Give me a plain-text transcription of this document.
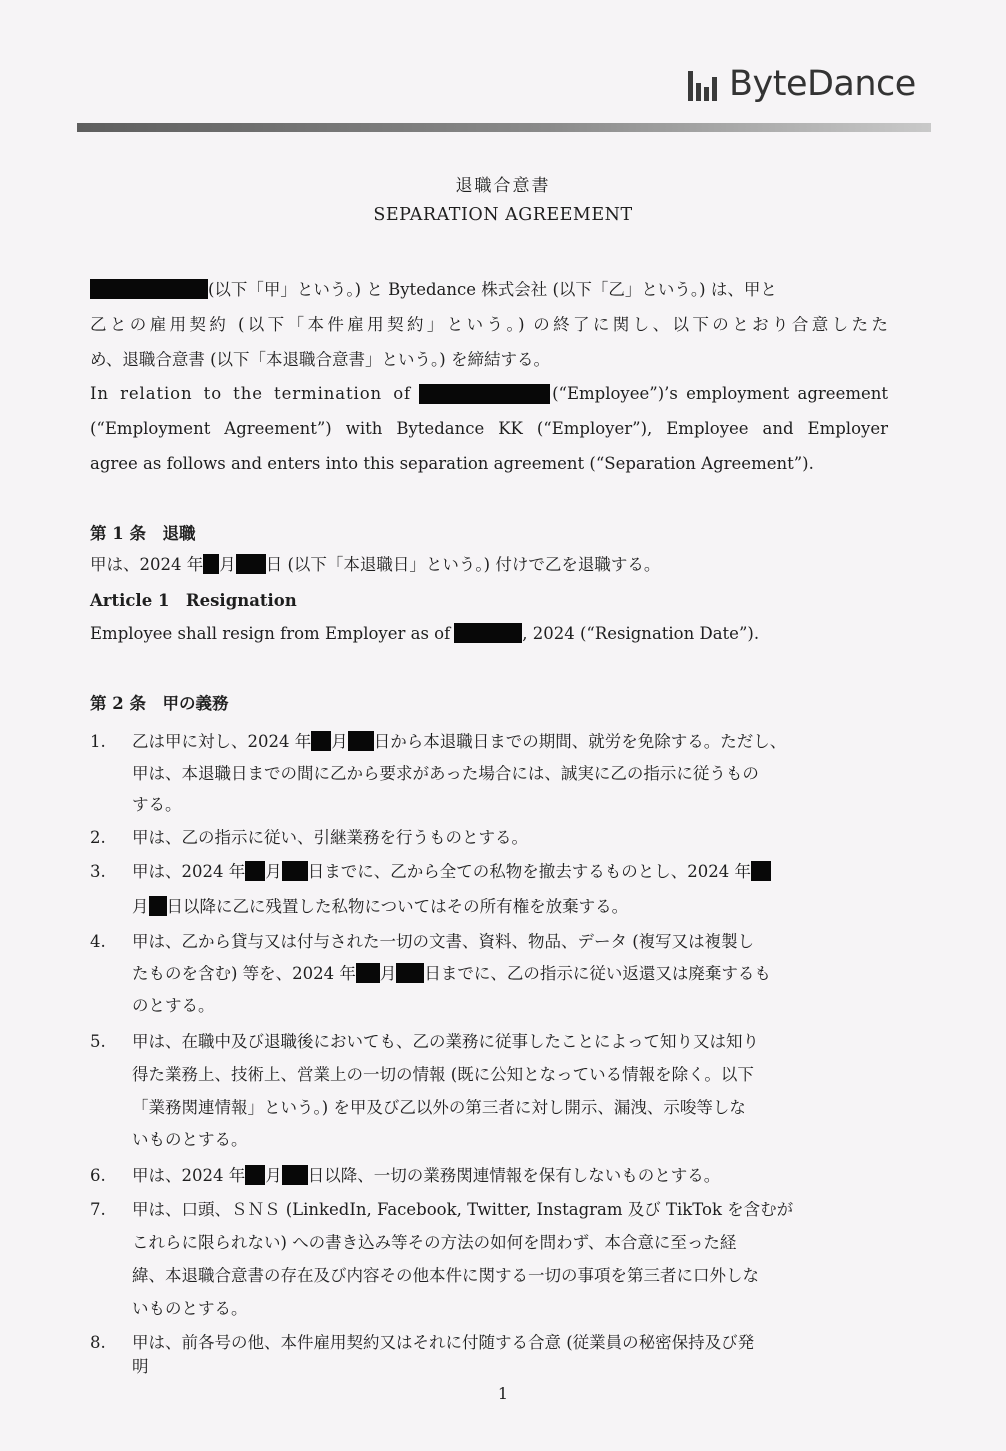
ByteDance
退職合意書
SEPARATION AGREEMENT
(以下「甲」という。) と Bytedance 株式会社 (以下「乙」という。) は、甲と
乙との雇用契約 (以下「本件雇用契約」という。) の終了に関し、以下のとおり合意したた
め、退職合意書 (以下「本退職合意書」という。) を締結する。
In relation to the termination of	(“Employee”)’s employment agreement
(“Employment Agreement”) with Bytedance KK (“Employer”), Employee and Employer
agree as follows and enters into this separation agreement (“Separation Agreement”).
第 1 条　退職
甲は、2024 年 月 日 (以下「本退職日」という。) 付けで乙を退職する。
Article 1　Resignation
Employee shall resign from Employer as of	, 2024 (“Resignation Date”).
第 2 条　甲の義務
1. 乙は甲に対し、2024 年 月 日から本退職日までの期間、就労を免除する。ただし、
甲は、本退職日までの間に乙から要求があった場合には、誠実に乙の指示に従うもの
する。
2. 甲は、乙の指示に従い、引継業務を行うものとする。
3. 甲は、2024 年 月 日までに、乙から全ての私物を撤去するものとし、2024 年
月 日以降に乙に残置した私物についてはその所有権を放棄する。
4. 甲は、乙から貸与又は付与された一切の文書、資料、物品、データ (複写又は複製し
たものを含む) 等を、2024 年 月 日までに、乙の指示に従い返還又は廃棄するも
のとする。
5. 甲は、在職中及び退職後においても、乙の業務に従事したことによって知り又は知り
得た業務上、技術上、営業上の一切の情報 (既に公知となっている情報を除く。以下
「業務関連情報」という。) を甲及び乙以外の第三者に対し開示、漏洩、示唆等しな
いものとする。
6. 甲は、2024 年 月 日以降、一切の業務関連情報を保有しないものとする。
7. 甲は、口頭、ＳＮＳ (LinkedIn, Facebook, Twitter, Instagram 及び TikTok を含むが
これらに限られない) への書き込み等その方法の如何を問わず、本合意に至った経
緯、本退職合意書の存在及び内容その他本件に関する一切の事項を第三者に口外しな
いものとする。
8. 甲は、前各号の他、本件雇用契約又はそれに付随する合意 (従業員の秘密保持及び発
明
1
